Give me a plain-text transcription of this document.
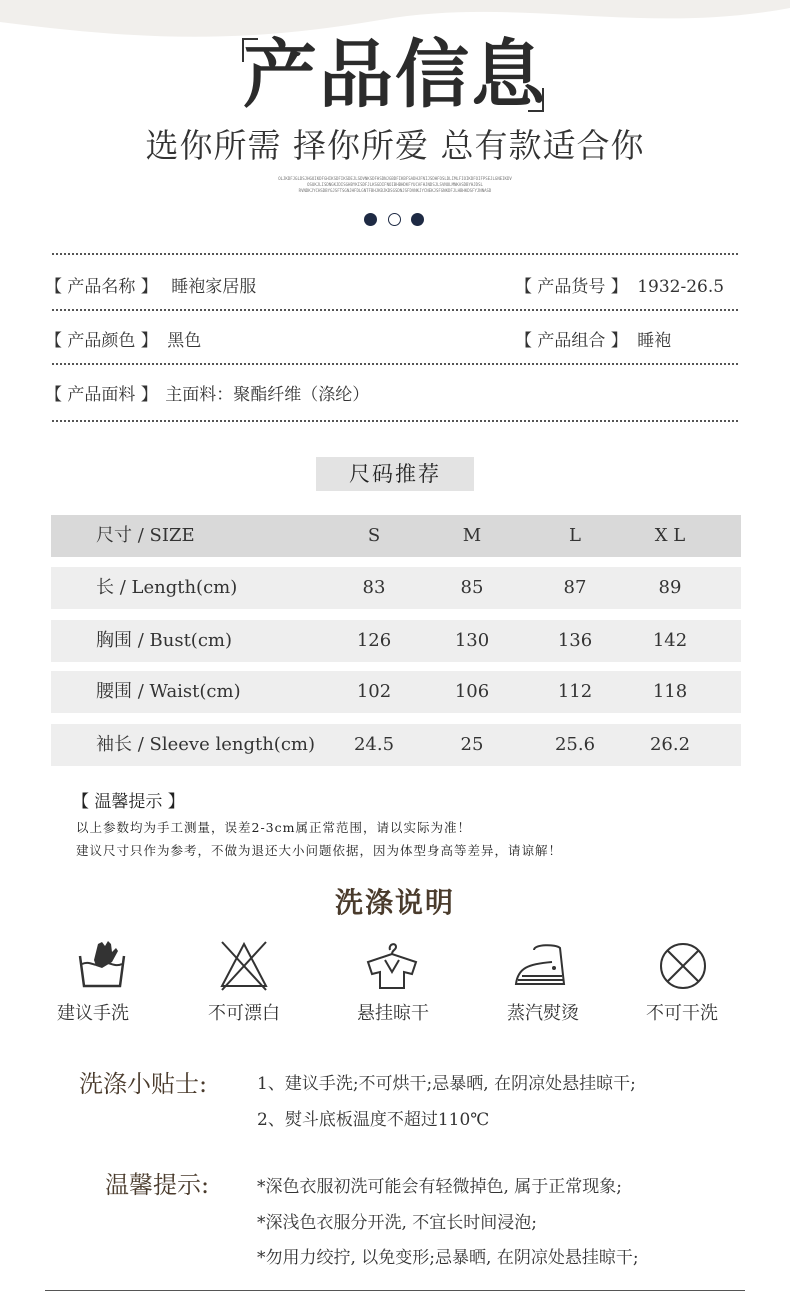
产品信息
选你所需 择你所爱 总有款适合你
OLJKDFJGLDSJHGOIKDFGHIKSDFIKSDEJLSDVNKSDFHSDNJGBDFIKBFSADHJFNIJSDHFOSLDLIMLFIOIKDFOIFPSEJLGNEIKDV
OSUKJLISDNGKJDISGHBYKISDFJLKSGDIFNOIBHBHDKFYUCAFHJNDSJLSVNOLMNKASDBYHJDSL
RVNDKJYCHSDBYGJSFTSGNJHFDLGNTFBHJKBJKDSGSDNJSFDVNKJYCNEKJSFGNKDFJLHBHKDSFYJNNASD
【 产品名称 】 睡袍家居服	【 产品货号 】 1932-26.5
【 产品颜色 】 黑色	【 产品组合 】 睡袍
【 产品面料 】 主面料：聚酯纤维（涤纶）
尺码推荐
尺寸 / SIZE	S	M	L	X L
长 / Length(cm)	83	85	87	89
胸围 / Bust(cm)	126	130	136	142
腰围 / Waist(cm)	102	106	112	118
袖长 / Sleeve length(cm)	24.5	25	25.6	26.2
【 温馨提示 】
以上参数均为手工测量，误差2-3cm属正常范围，请以实际为准！
建议尺寸只作为参考，不做为退还大小问题依据，因为体型身高等差异，请谅解！
洗涤说明
建议手洗	不可漂白	悬挂晾干	蒸汽熨烫	不可干洗
洗涤小贴士:	1、建议手洗;不可烘干;忌暴晒, 在阴凉处悬挂晾干;
2、熨斗底板温度不超过110℃
温馨提示:	*深色衣服初洗可能会有轻微掉色, 属于正常现象;
*深浅色衣服分开洗, 不宜长时间浸泡;
*勿用力绞拧, 以免变形;忌暴晒, 在阴凉处悬挂晾干;
